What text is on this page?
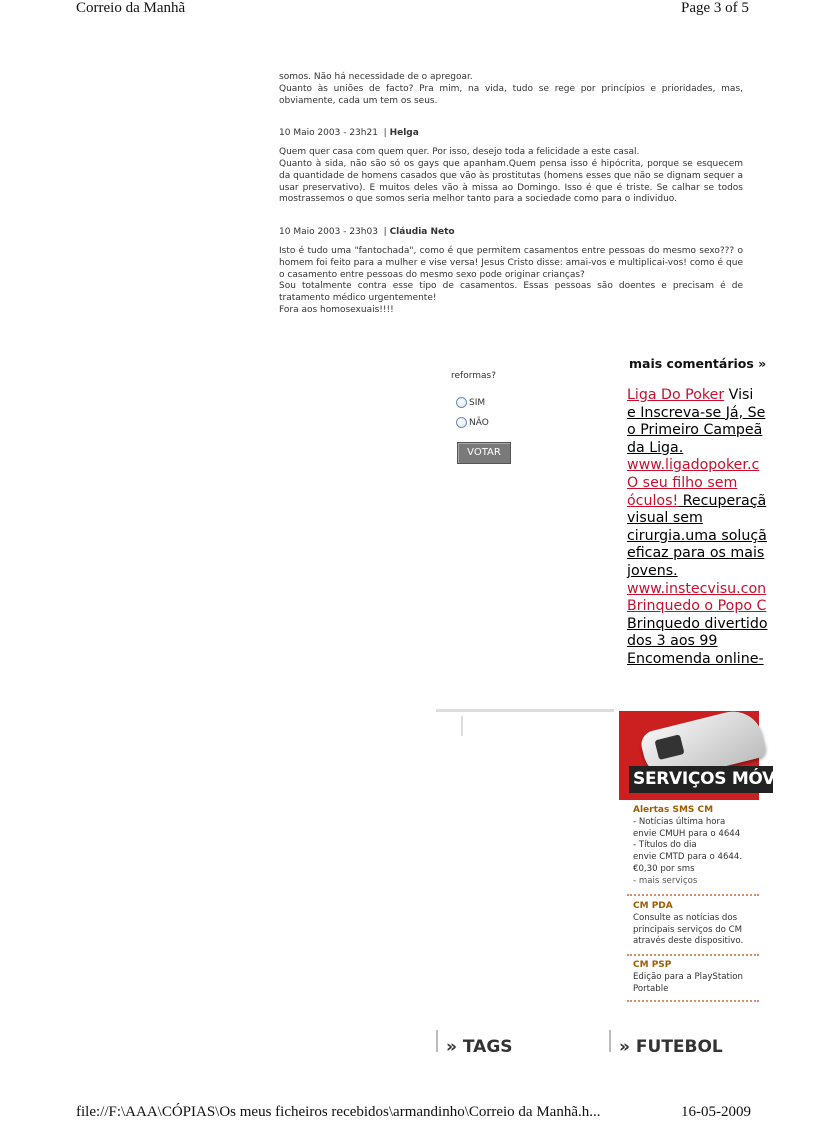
Correio da Manhã	Page 3 of 5

somos. Não há necessidade de o apregoar.

Quanto às uniões de facto? Pra mim, na vida, tudo se rege por princípios e prioridades, mas, obviamente, cada um tem os seus.

10 Maio 2003 - 23h21  | Helga

Quem quer casa com quem quer. Por isso, desejo toda a felicidade a este casal.

Quanto à sida, não são só os gays que apanham.Quem pensa isso é hipócrita, porque se esquecem da quantidade de homens casados que vão às prostitutas (homens esses que não se dignam sequer a usar preservativo). E muitos deles vão à missa ao Domingo. Isso é que é triste. Se calhar se todos mostrassemos o que somos seria melhor tanto para a sociedade como para o individuo.

10 Maio 2003 - 23h03  | Cláudia Neto

Isto é tudo uma "fantochada", como é que permitem casamentos entre pessoas do mesmo sexo??? o homem foi feito para a mulher e vise versa! Jesus Cristo disse: amai-vos e multiplicai-vos! como é que o casamento entre pessoas do mesmo sexo pode originar crianças?

Sou totalmente contra esse tipo de casamentos. Essas pessoas são doentes e precisam é de tratamento médico urgentemente!

Fora aos homosexuais!!!!

mais comentários »
reformas?
SIM
NÃO
VOTAR
Liga Do Poker Visi
e Inscreva-se Já, Se
o Primeiro Campeã
da Liga.
www.ligadopoker.c
O seu filho sem
óculos! Recuperaçã
visual sem
cirurgia.uma soluçã
eficaz para os mais
jovens.
www.instecvisu.con
Brinquedo o Popo C
Brinquedo divertido
dos 3 aos 99
Encomenda online-
SERVIÇOS MÓVEI
Alertas SMS CM
- Notícias última hora
envie CMUH para o 4644
- Títulos do dia
envie CMTD para o 4644.
€0,30 por sms
- mais serviços
CM PDA
Consulte as notícias dos
principais serviços do CM
através deste dispositivo.
CM PSP
Edição para a PlayStation
Portable
» TAGS	» FUTEBOL
file://F:\AAA\CÓPIAS\Os meus ficheiros recebidos\armandinho\Correio da Manhã.h...	16-05-2009
